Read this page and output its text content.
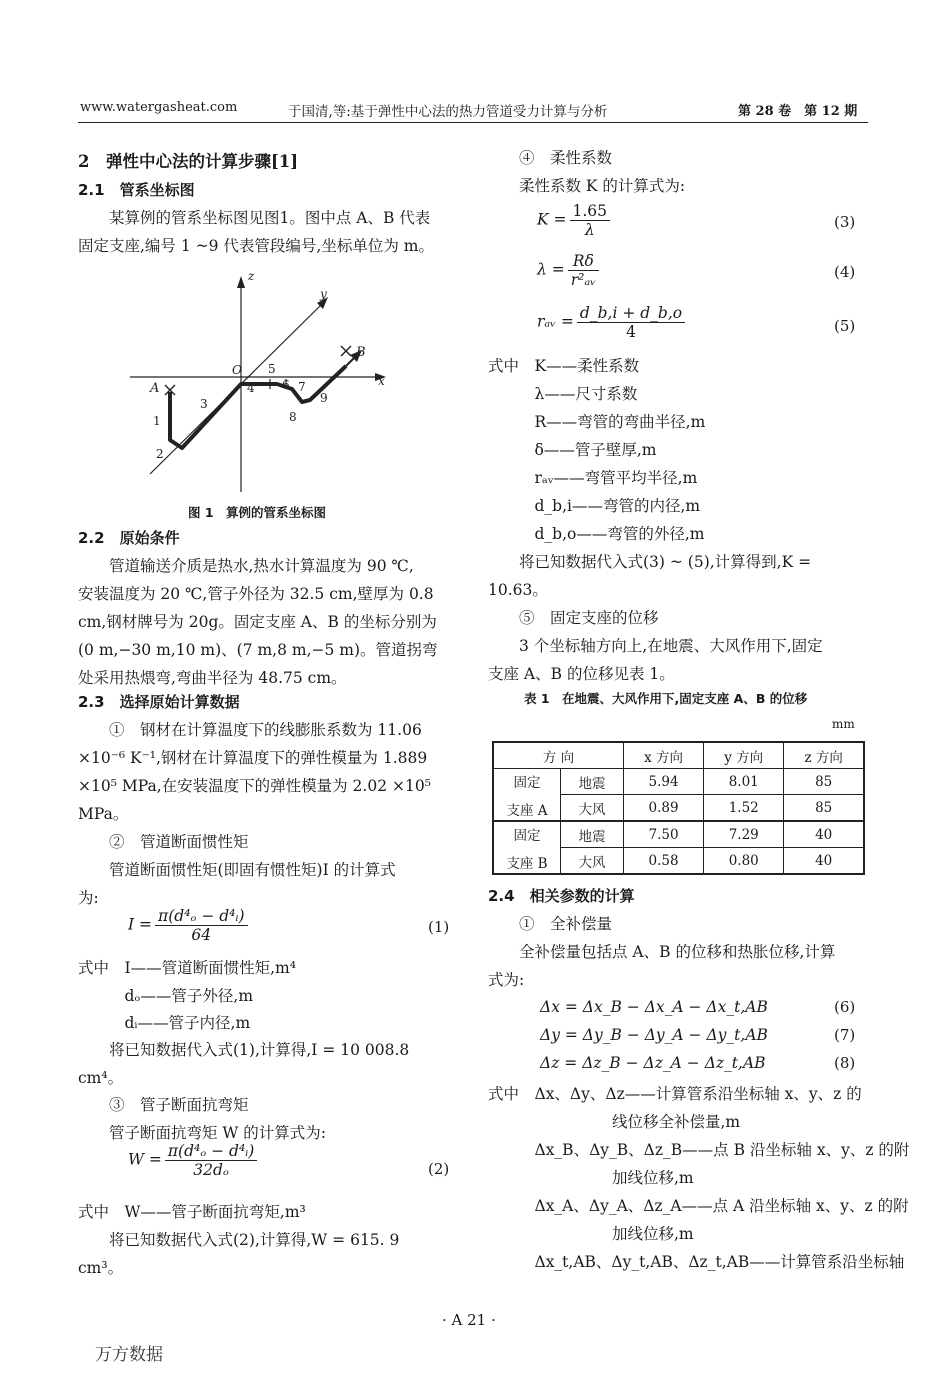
www.watergasheat.com	于国清,等:基于弹性中心法的热力管道受力计算与分析	第 28 卷　第 12 期
2　弹性中心法的计算步骤[1]
2.1　管系坐标图
　　某算例的管系坐标图见图1。图中点 A、B 代表
固定支座,编号 1 ~9 代表管段编号,坐标单位为 m。
z
y
x
O
A
B
1
2
3
4
5
6 7
8
9
图 1　算例的管系坐标图
2.2　原始条件
　　管道输送介质是热水,热水计算温度为 90 ℃,
安装温度为 20 ℃,管子外径为 32.5 cm,壁厚为 0.8
cm,钢材牌号为 20g。固定支座 A、B 的坐标分别为
(0 m,−30 m,10 m)、(7 m,8 m,−5 m)。管道拐弯
处采用热煨弯,弯曲半径为 48.75 cm。
2.3　选择原始计算数据
　　①　钢材在计算温度下的线膨胀系数为 11.06
×10⁻⁶ K⁻¹,钢材在计算温度下的弹性模量为 1.889
×10⁵ MPa,在安装温度下的弹性模量为 2.02 ×10⁵
MPa。
　　②　管道断面惯性矩
　　管道断面惯性矩(即固有惯性矩)I 的计算式
为:
$I = \frac{\text{π(d⁴ₒ − d⁴ᵢ)}}{64}$	(1)
式中　I——管道断面惯性矩,m⁴
　　　dₒ——管子外径,m
　　　dᵢ——管子内径,m
　　将已知数据代入式(1),计算得,I = 10 008.8
cm⁴。
　　③　管子断面抗弯矩
　　管子断面抗弯矩 W 的计算式为:
$W = \frac{\text{π(d⁴ₒ − d⁴ᵢ)}}{\text{32dₒ}}$	(2)
式中　W——管子断面抗弯矩,m³
　　将已知数据代入式(2),计算得,W = 615. 9
cm³。
　　④　柔性系数
　　柔性系数 K 的计算式为:
$K = \frac{1.65}{\lambda}$	(3)
$\lambda = \frac{R\delta}{\text{r²ₐᵥ}}$	(4)
rₐᵥ = $\frac{d\_b,i + d\_b,o}{4}$	(5)
式中　K——柔性系数
　　　λ——尺寸系数
　　　R——弯管的弯曲半径,m
　　　δ——管子壁厚,m
　　　rₐᵥ——弯管平均半径,m
　　　d_b,i——弯管的内径,m
　　　d_b,o——弯管的外径,m
　　将已知数据代入式(3) ~ (5),计算得到,K =
10.63。
　　⑤　固定支座的位移
　　3 个坐标轴方向上,在地震、大风作用下,固定
支座 A、B 的位移见表 1。
表 1　在地震、大风作用下,固定支座 A、B 的位移
mm
方 向		x 方向	y 方向	z 方向

固定
支座 A	地震	5.94	8.01	85
	大风	0.89	1.52	85

固定
支座 B	地震	7.50	7.29	40
	大风	0.58	0.80	40
2.4　相关参数的计算
　　①　全补偿量
　　全补偿量包括点 A、B 的位移和热胀位移,计算
式为:
Δx = Δx_B − Δx_A − Δx_t,AB	(6)
Δy = Δy_B − Δy_A − Δy_t,AB	(7)
Δz = Δz_B − Δz_A − Δz_t,AB	(8)
式中　Δx、Δy、Δz——计算管系沿坐标轴 x、y、z 的
　　　　　　　　线位移全补偿量,m
　　　Δx_B、Δy_B、Δz_B——点 B 沿坐标轴 x、y、z 的附
　　　　　　　　加线位移,m
　　　Δx_A、Δy_A、Δz_A——点 A 沿坐标轴 x、y、z 的附
　　　　　　　　加线位移,m
　　　Δx_t,AB、Δy_t,AB、Δz_t,AB——计算管系沿坐标轴
· A 21 ·
万方数据
